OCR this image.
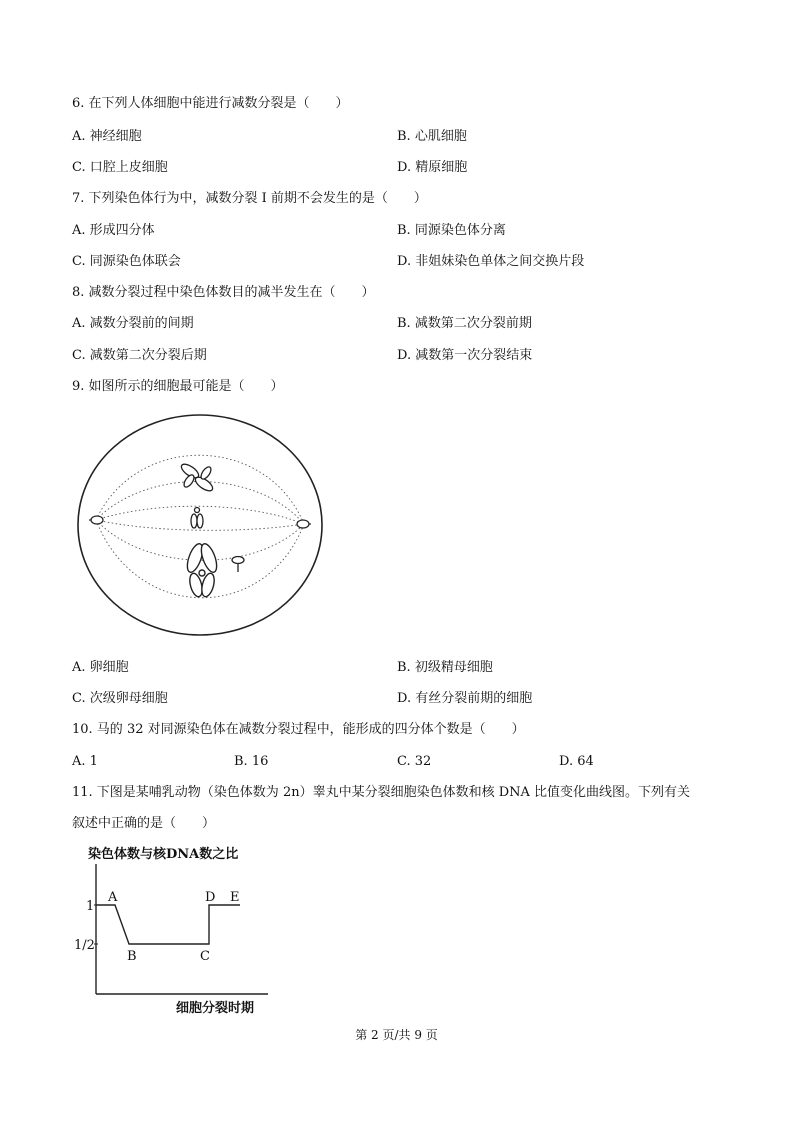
6. 在下列人体细胞中能进行减数分裂是（　　）
A. 神经细胞	B. 心肌细胞
C. 口腔上皮细胞	D. 精原细胞
7. 下列染色体行为中，减数分裂 I 前期不会发生的是（　　）
A. 形成四分体	B. 同源染色体分离
C. 同源染色体联会	D. 非姐妹染色单体之间交换片段
8. 减数分裂过程中染色体数目的减半发生在（　　）
A. 减数分裂前的间期	B. 减数第二次分裂前期
C. 减数第二次分裂后期	D. 减数第一次分裂结束
9. 如图所示的细胞最可能是（　　）
A. 卵细胞	B. 初级精母细胞
C. 次级卵母细胞	D. 有丝分裂前期的细胞
10. 马的 32 对同源染色体在减数分裂过程中，能形成的四分体个数是（　　）
A. 1	B. 16	C. 32	D. 64
11. 下图是某哺乳动物（染色体数为 2n）睾丸中某分裂细胞染色体数和核 DNA 比值变化曲线图。下列有关
叙述中正确的是（　　）
染色体数与核DNA数之比
1
1/2
A
B	C
D E
细胞分裂时期
第 2 页/共 9 页
